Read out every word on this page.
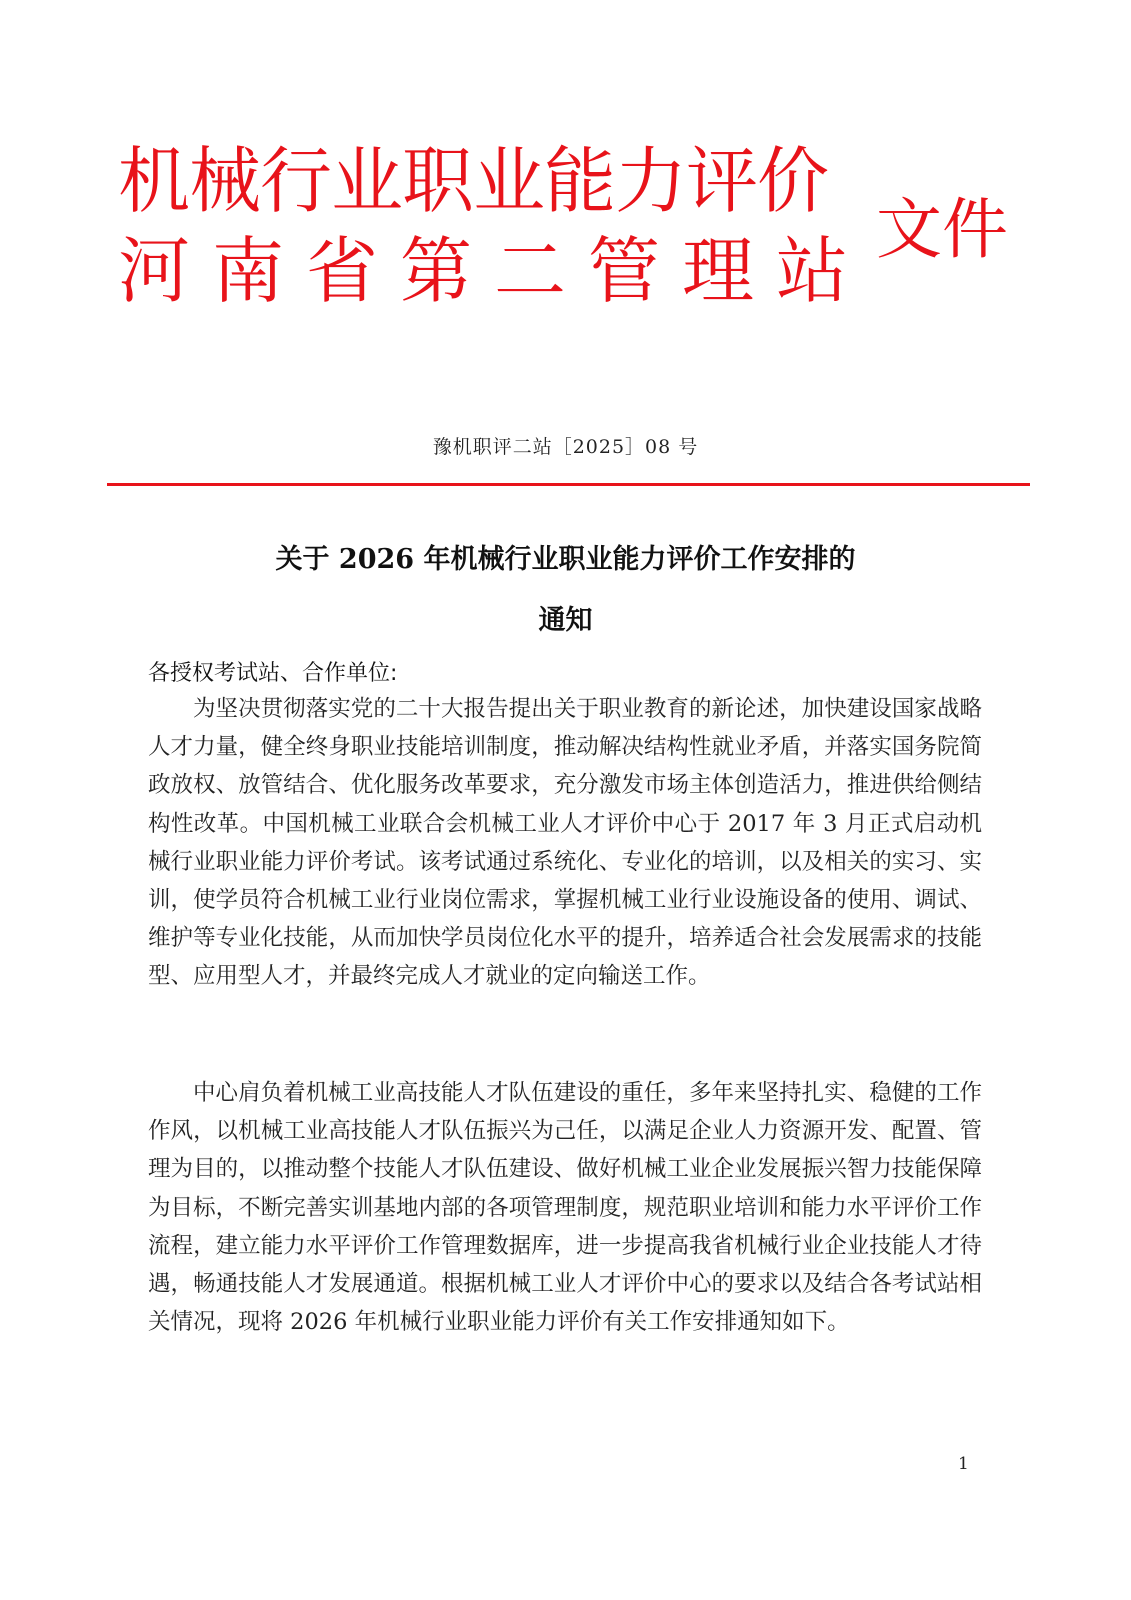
机械行业职业能力评价
河南省第二管理站 文件
豫机职评二站［2025］08 号
关于 2026 年机械行业职业能力评价工作安排的
通知
各授权考试站、合作单位:

为坚决贯彻落实党的二十大报告提出关于职业教育的新论述，加快建设国家战略人才力量，健全终身职业技能培训制度，推动解决结构性就业矛盾，并落实国务院简政放权、放管结合、优化服务改革要求，充分激发市场主体创造活力，推进供给侧结构性改革。中国机械工业联合会机械工业人才评价中心于 2017 年 3 月正式启动机械行业职业能力评价考试。该考试通过系统化、专业化的培训，以及相关的实习、实训，使学员符合机械工业行业岗位需求，掌握机械工业行业设施设备的使用、调试、维护等专业化技能，从而加快学员岗位化水平的提升，培养适合社会发展需求的技能型、应用型人才，并最终完成人才就业的定向输送工作。

中心肩负着机械工业高技能人才队伍建设的重任，多年来坚持扎实、稳健的工作作风，以机械工业高技能人才队伍振兴为己任，以满足企业人力资源开发、配置、管理为目的，以推动整个技能人才队伍建设、做好机械工业企业发展振兴智力技能保障为目标，不断完善实训基地内部的各项管理制度，规范职业培训和能力水平评价工作流程，建立能力水平评价工作管理数据库，进一步提高我省机械行业企业技能人才待遇，畅通技能人才发展通道。根据机械工业人才评价中心的要求以及结合各考试站相关情况，现将 2026 年机械行业职业能力评价有关工作安排通知如下。

1
